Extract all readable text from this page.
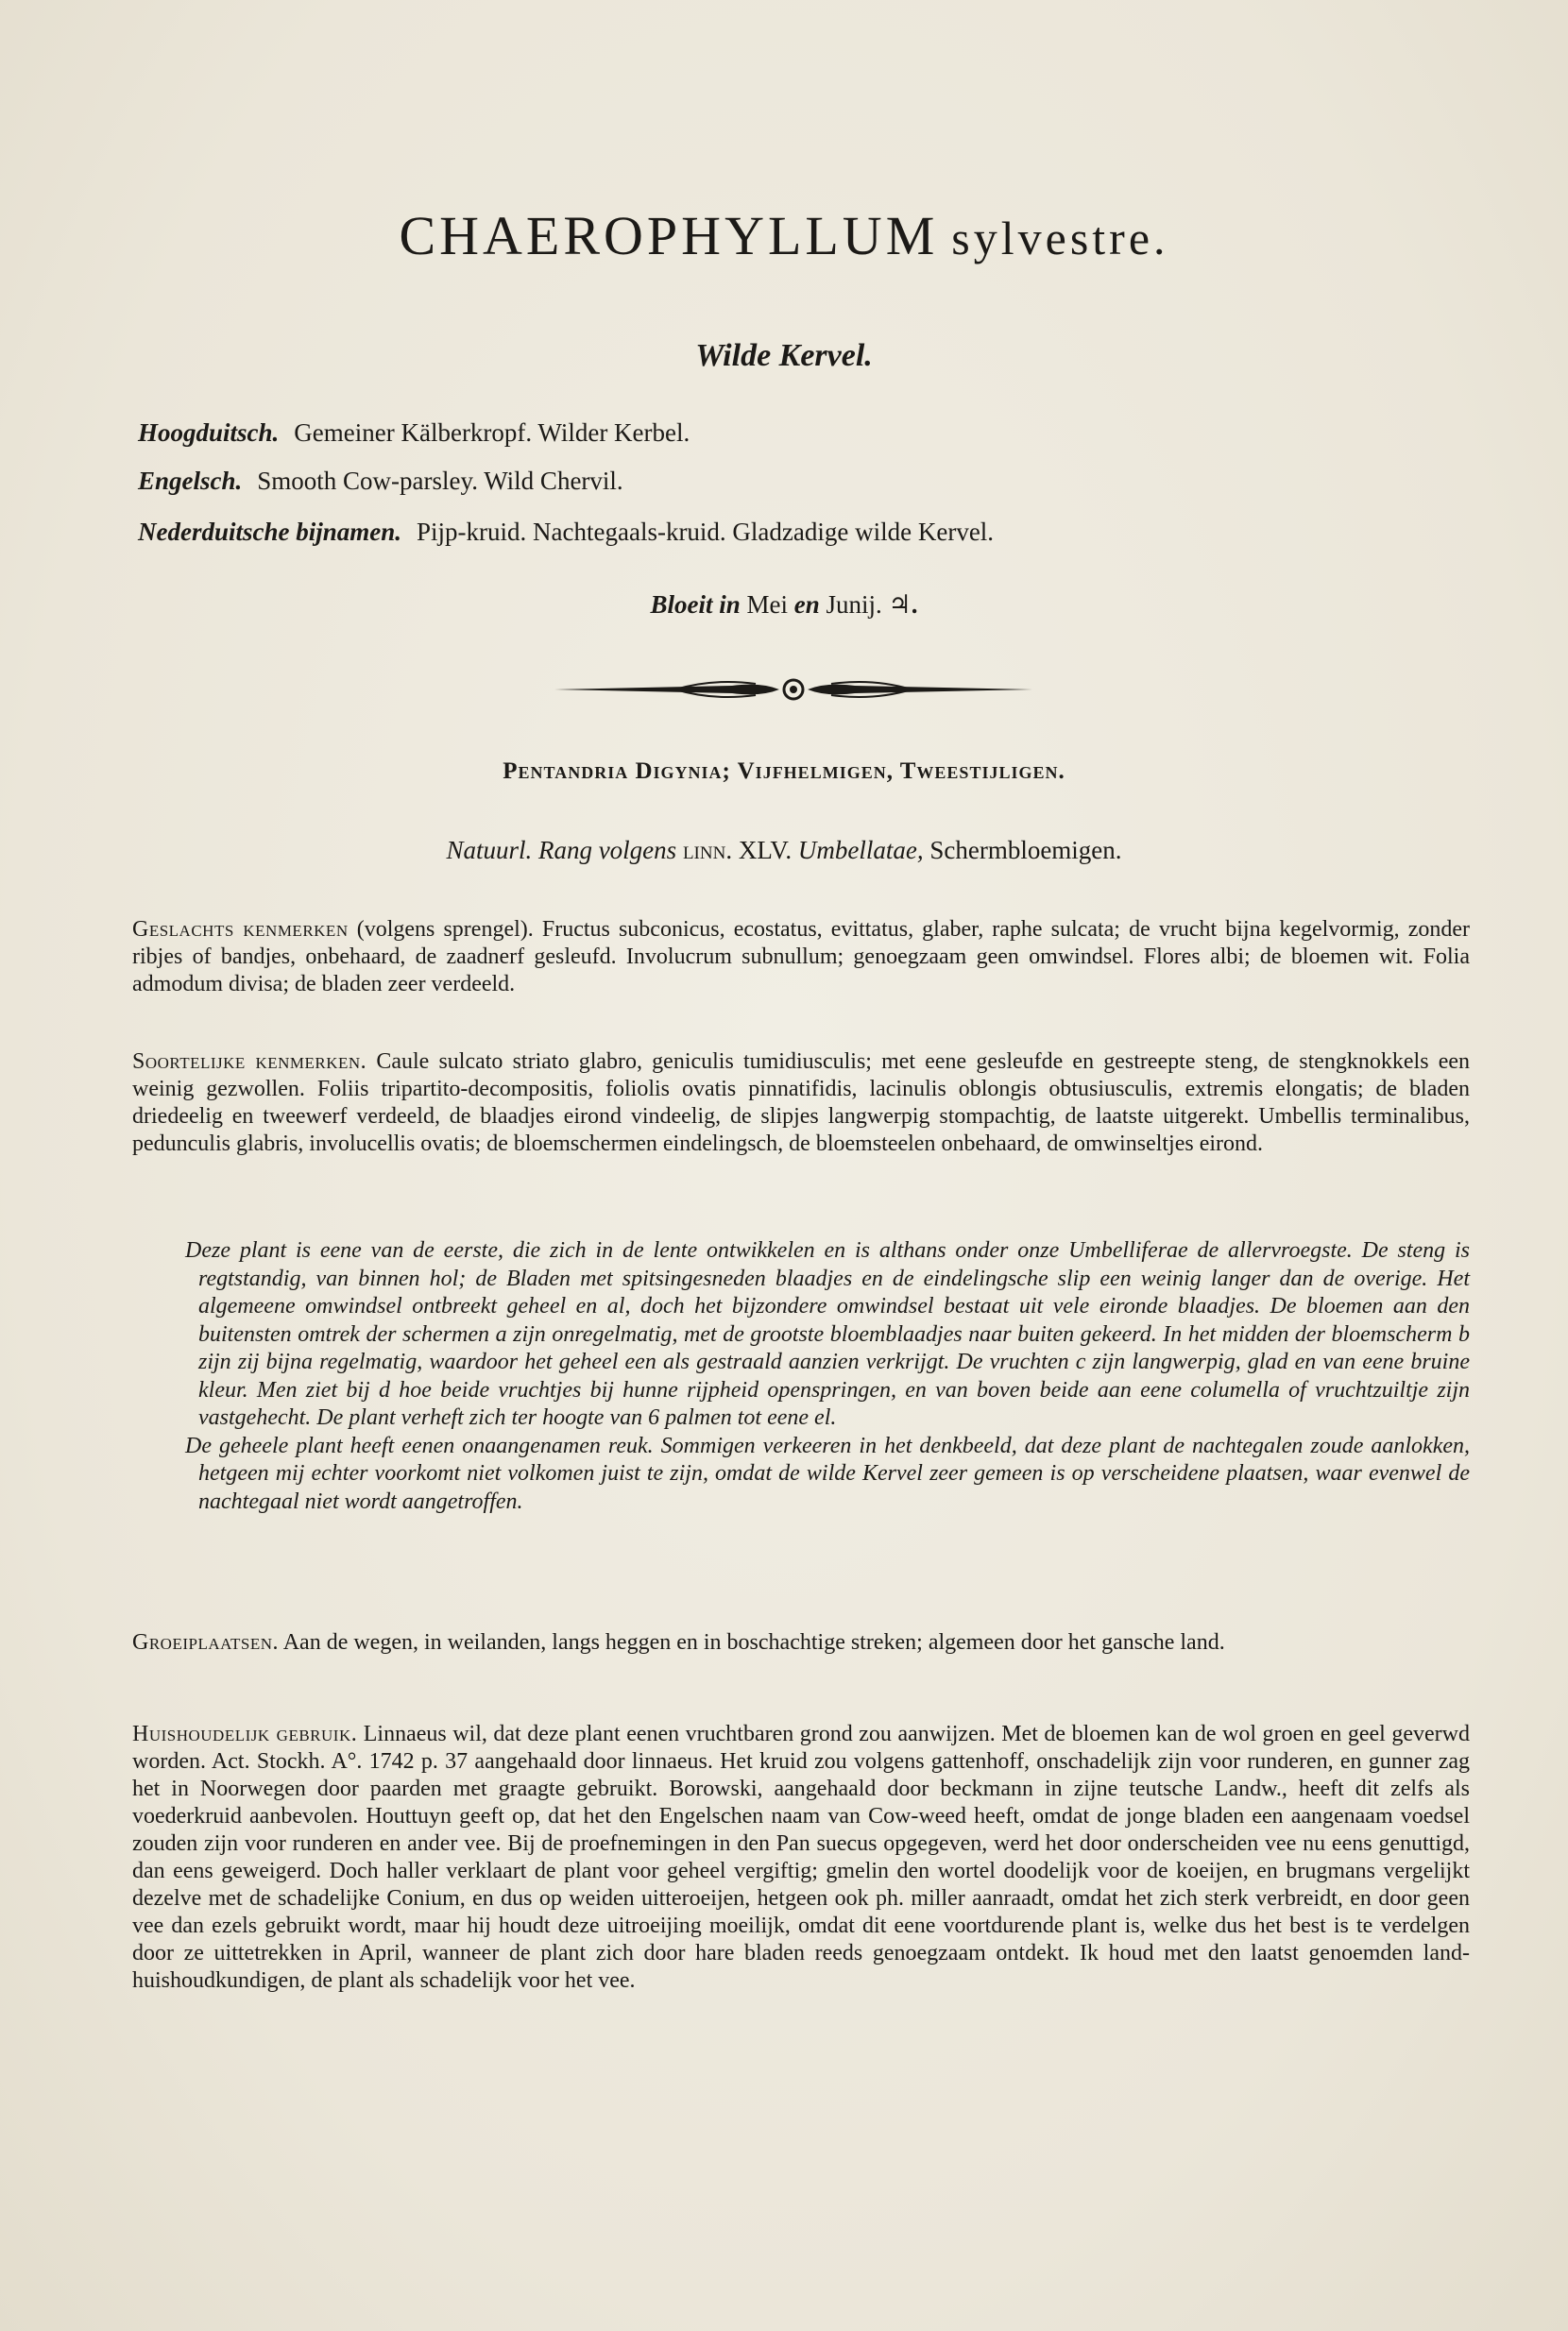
CHAEROPHYLLUM sylvestre.
Wilde Kervel.
Hoogduitsch. Gemeiner Kälberkropf. Wilder Kerbel.
Engelsch. Smooth Cow-parsley. Wild Chervil.
Nederduitsche bijnamen. Pijp-kruid. Nachtegaals-kruid. Gladzadige wilde Kervel.
Bloeit in Mei en Junij. ♃.
Pentandria Digynia; Vijfhelmigen, Tweestijligen.
Natuurl. Rang volgens linn. XLV. Umbellatae, Schermbloemigen.
Geslachts kenmerken (volgens sprengel). Fructus subconicus, ecostatus, evittatus, glaber, raphe sulcata; de vrucht bijna kegelvormig, zonder ribjes of bandjes, onbehaard, de zaadnerf gesleufd. Involucrum subnullum; genoegzaam geen omwindsel. Flores albi; de bloemen wit. Folia admodum divisa; de bladen zeer verdeeld.
Soortelijke kenmerken. Caule sulcato striato glabro, geniculis tumidiusculis; met eene gesleufde en gestreepte steng, de stengknokkels een weinig gezwollen. Foliis tripartito-decompositis, foliolis ovatis pinnatifidis, lacinulis oblongis obtusiusculis, extremis elongatis; de bladen driedeelig en tweewerf verdeeld, de blaadjes eirond vindeelig, de slipjes langwerpig stompachtig, de laatste uitgerekt. Umbellis terminalibus, pedunculis glabris, involucellis ovatis; de bloemschermen eindelingsch, de bloemsteelen onbehaard, de omwinseltjes eirond.

Deze plant is eene van de eerste, die zich in de lente ontwikkelen en is althans onder onze Umbelliferae de allervroegste. De steng is regtstandig, van binnen hol; de Bladen met spitsingesneden blaadjes en de eindelingsche slip een weinig langer dan de overige. Het algemeene omwindsel ontbreekt geheel en al, doch het bijzondere omwindsel bestaat uit vele eironde blaadjes. De bloemen aan den buitensten omtrek der schermen a zijn onregelmatig, met de grootste bloemblaadjes naar buiten gekeerd. In het midden der bloemscherm b zijn zij bijna regelmatig, waardoor het geheel een als gestraald aanzien verkrijgt. De vruchten c zijn langwerpig, glad en van eene bruine kleur. Men ziet bij d hoe beide vruchtjes bij hunne rijpheid openspringen, en van boven beide aan eene columella of vruchtzuiltje zijn vastgehecht. De plant verheft zich ter hoogte van 6 palmen tot eene el.

De geheele plant heeft eenen onaangenamen reuk. Sommigen verkeeren in het denkbeeld, dat deze plant de nachtegalen zoude aanlokken, hetgeen mij echter voorkomt niet volkomen juist te zijn, omdat de wilde Kervel zeer gemeen is op verscheidene plaatsen, waar evenwel de nachtegaal niet wordt aangetroffen.

Groeiplaatsen. Aan de wegen, in weilanden, langs heggen en in boschachtige streken; algemeen door het gansche land.
Huishoudelijk gebruik. Linnaeus wil, dat deze plant eenen vruchtbaren grond zou aanwijzen. Met de bloemen kan de wol groen en geel geverwd worden. Act. Stockh. A°. 1742 p. 37 aangehaald door linnaeus. Het kruid zou volgens gattenhoff, onschadelijk zijn voor runderen, en gunner zag het in Noorwegen door paarden met graagte gebruikt. Borowski, aangehaald door beckmann in zijne teutsche Landw., heeft dit zelfs als voederkruid aanbevolen. Houttuyn geeft op, dat het den Engelschen naam van Cow-weed heeft, omdat de jonge bladen een aangenaam voedsel zouden zijn voor runderen en ander vee. Bij de proefnemingen in den Pan suecus opgegeven, werd het door onderscheiden vee nu eens genuttigd, dan eens geweigerd. Doch haller verklaart de plant voor geheel vergiftig; gmelin den wortel doodelijk voor de koeijen, en brugmans vergelijkt dezelve met de schadelijke Conium, en dus op weiden uitteroeijen, hetgeen ook ph. miller aanraadt, omdat het zich sterk verbreidt, en door geen vee dan ezels gebruikt wordt, maar hij houdt deze uitroeijing moeilijk, omdat dit eene voortdurende plant is, welke dus het best is te verdelgen door ze uittetrekken in April, wanneer de plant zich door hare bladen reeds genoegzaam ontdekt. Ik houd met den laatst genoemden land-huishoudkundigen, de plant als schadelijk voor het vee.
